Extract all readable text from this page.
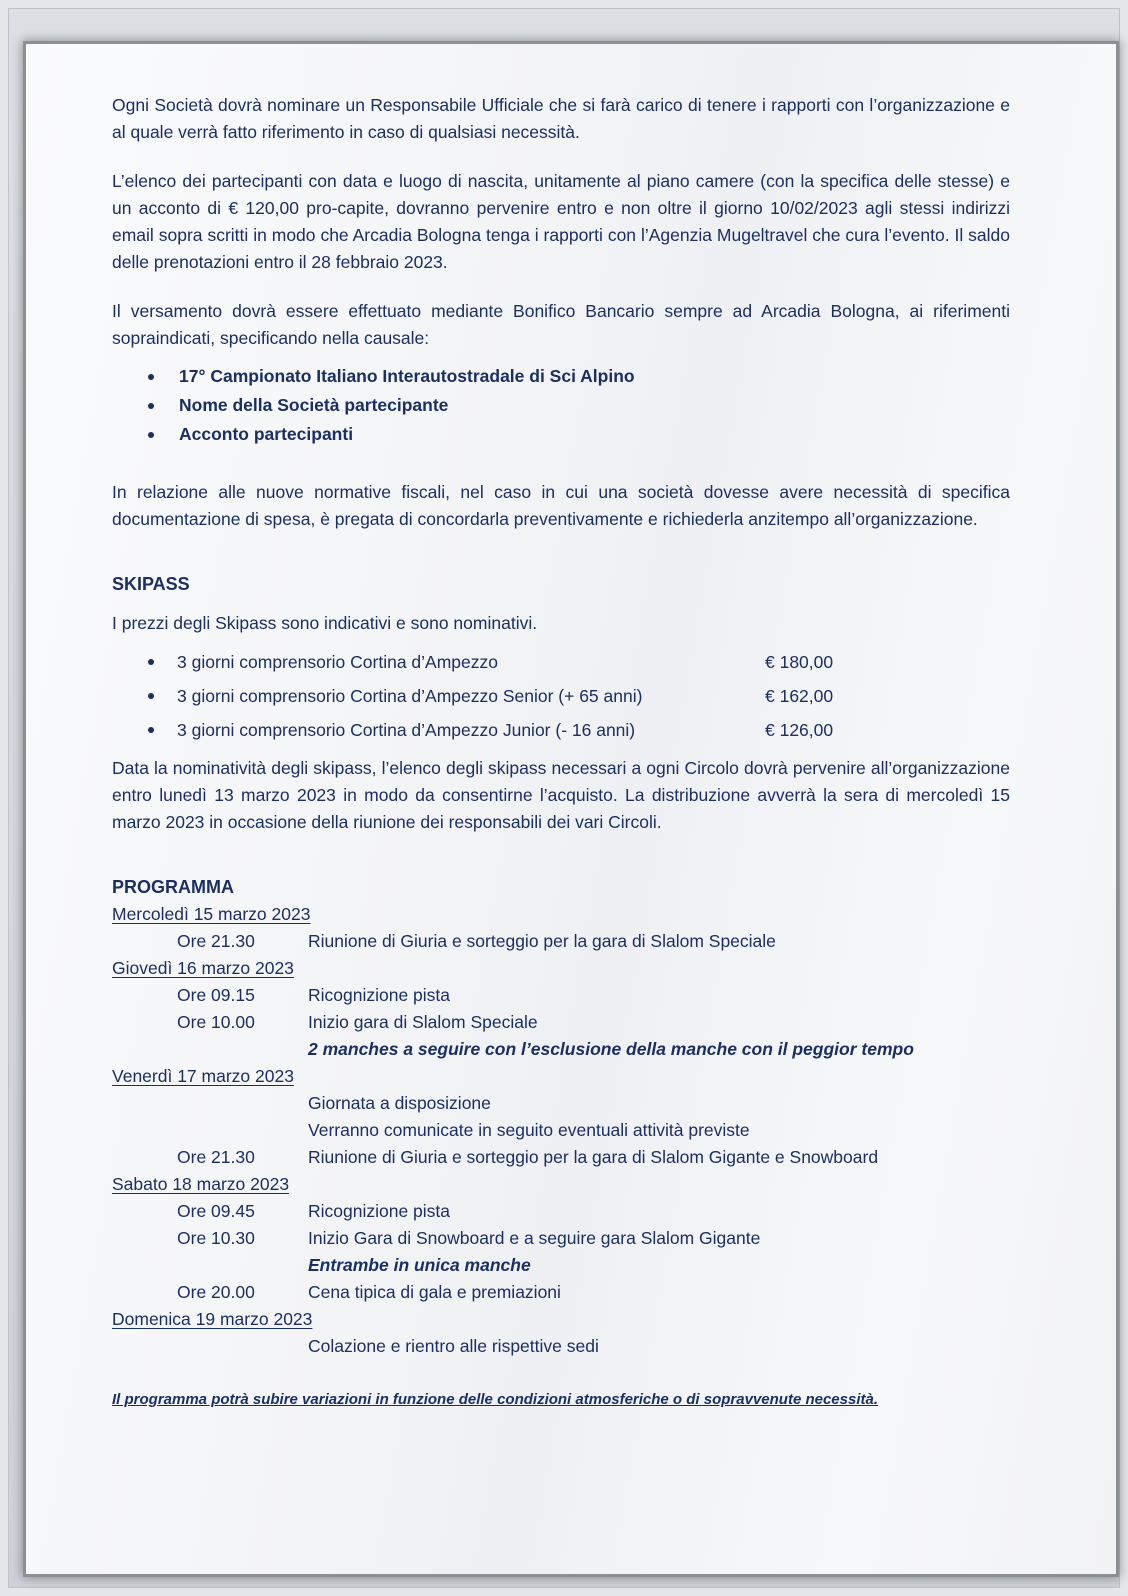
Ogni Società dovrà nominare un Responsabile Ufficiale che si farà carico di tenere i rapporti con l’organizzazione e al quale verrà fatto riferimento in caso di qualsiasi necessità.

L’elenco dei partecipanti con data e luogo di nascita, unitamente al piano camere (con la specifica delle stesse) e un acconto di € 120,00 pro-capite, dovranno pervenire entro e non oltre il giorno 10/02/2023 agli stessi indirizzi email sopra scritti in modo che Arcadia Bologna tenga i rapporti con l’Agenzia Mugeltravel che cura l’evento. Il saldo delle prenotazioni entro il 28 febbraio 2023.

Il versamento dovrà essere effettuato mediante Bonifico Bancario sempre ad Arcadia Bologna, ai riferimenti sopraindicati, specificando nella causale:

17° Campionato Italiano Interautostradale di Sci Alpino
Nome della Società partecipante
Acconto partecipanti

In relazione alle nuove normative fiscali, nel caso in cui una società dovesse avere necessità di specifica documentazione di spesa, è pregata di concordarla preventivamente e richiederla anzitempo all’organizzazione.

SKIPASS

I prezzi degli Skipass sono indicativi e sono nominativi.

3 giorni comprensorio Cortina d’Ampezzo	€ 180,00
3 giorni comprensorio Cortina d’Ampezzo Senior (+ 65 anni)	€ 162,00
3 giorni comprensorio Cortina d’Ampezzo Junior (- 16 anni)	€ 126,00

Data la nominatività degli skipass, l’elenco degli skipass necessari a ogni Circolo dovrà pervenire all’organizzazione entro lunedì 13 marzo 2023 in modo da consentirne l’acquisto. La distribuzione avverrà la sera di mercoledì 15 marzo 2023 in occasione della riunione dei responsabili dei vari Circoli.

PROGRAMMA

Mercoledì 15 marzo 2023
Ore 21.30	Riunione di Giuria e sorteggio per la gara di Slalom Speciale
Giovedì 16 marzo 2023
Ore 09.15	Ricognizione pista
Ore 10.00	Inizio gara di Slalom Speciale
2 manches a seguire con l’esclusione della manche con il peggior tempo
Venerdì 17 marzo 2023
Giornata a disposizione
Verranno comunicate in seguito eventuali attività previste
Ore 21.30	Riunione di Giuria e sorteggio per la gara di Slalom Gigante e Snowboard
Sabato 18 marzo 2023
Ore 09.45	Ricognizione pista
Ore 10.30	Inizio Gara di Snowboard e a seguire gara Slalom Gigante
Entrambe in unica manche
Ore 20.00	Cena tipica di gala e premiazioni
Domenica 19 marzo 2023
Colazione e rientro alle rispettive sedi

Il programma potrà subire variazioni in funzione delle condizioni atmosferiche o di sopravvenute necessità.
